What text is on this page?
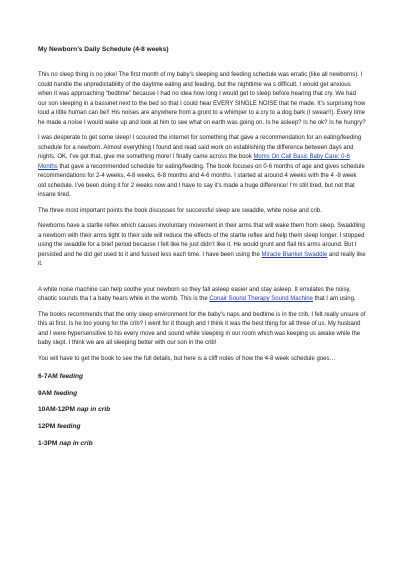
My Newborn’s Daily Schedule (4-8 weeks)

This no sleep thing is no joke! The first month of my baby’s sleeping and feeding schedule was erratic (like all newborns). I could handle the unpredictability of the daytime eating and feeding, but the nighttime wa s difficult. I would get anxious when it was approaching “bedtime” because I had no idea how long I would get to sleep before hearing that cry. We had our son sleeping in a bassinet next to the bed so that I could hear EVERY SINGLE NOISE that he made. It’s surprising how loud a little human can be!! His noises are anywhere from a grunt to a whimper to a cry to a dog bark (I swear!!). Every time he made a noise I would wake up and look at him to see what on earth was going on. Is he asleep? Is he ok? Is he hungry?

I was desperate to get some sleep! I scoured the internet for something that gave a recommendation for an eating/feeding schedule for a newborn. Almost everything I found and read said work on establishing the difference between days and nights. OK, I’ve got that, give me something more! I finally came across the book Moms On Call Basic Baby Care: 0-6 Months that gave a recommended schedule for eating/feeding. The book focuses on 0-6 months of age and gives schedule recommendations for 2-4 weeks, 4-8 weeks, 6-8 months and 4-6 months. I started at around 4 weeks with the 4 -8 week old schedule. I’ve been doing it for 2 weeks now and I have to say it’s made a huge difference! I’m still tired, but not that insane tired.

The three most important points the book discusses for successful sleep are swaddle, white noise and crib.

Newborns have a startle reflex which causes involuntary movement in their arms that will wake them from sleep. Swaddling a newborn with their arms tight to their side will reduce the effects of the startle reflex and help them sleep longer. I stopped using the swaddle for a brief period because I felt like he just didn’t like it. He would grunt and flail his arms around. But I persisted and he did get used to it and fussed less each time. I have been using the Miracle Blanket Swaddle and really like it.

A white noise machine can help soothe your newborn so they fall asleep easier and stay asleep. It emulates the noisy, chaotic sounds tha t a baby hears while in the womb. This is the Conair Sound Therapy Sound Machine that I am using.

The books recommends that the only sleep environment for the baby’s naps and bedtime is in the crib. I felt really unsure of this at first. Is he too young for the crib? I went for it though and I think it was the best thing for all three of us. My husband and I were hypersensitive to his every move and sound while sleeping in our room which was keeping us awake while the baby slept. I think we are all sleeping better with our son in the crib!

You will have to get the book to see the full details, but here is a cliff notes of how the 4-8 week schedule goes…

6-7AM feeding
9AM feeding
10AM-12PM nap in crib
12PM feeding
1-3PM nap in crib
